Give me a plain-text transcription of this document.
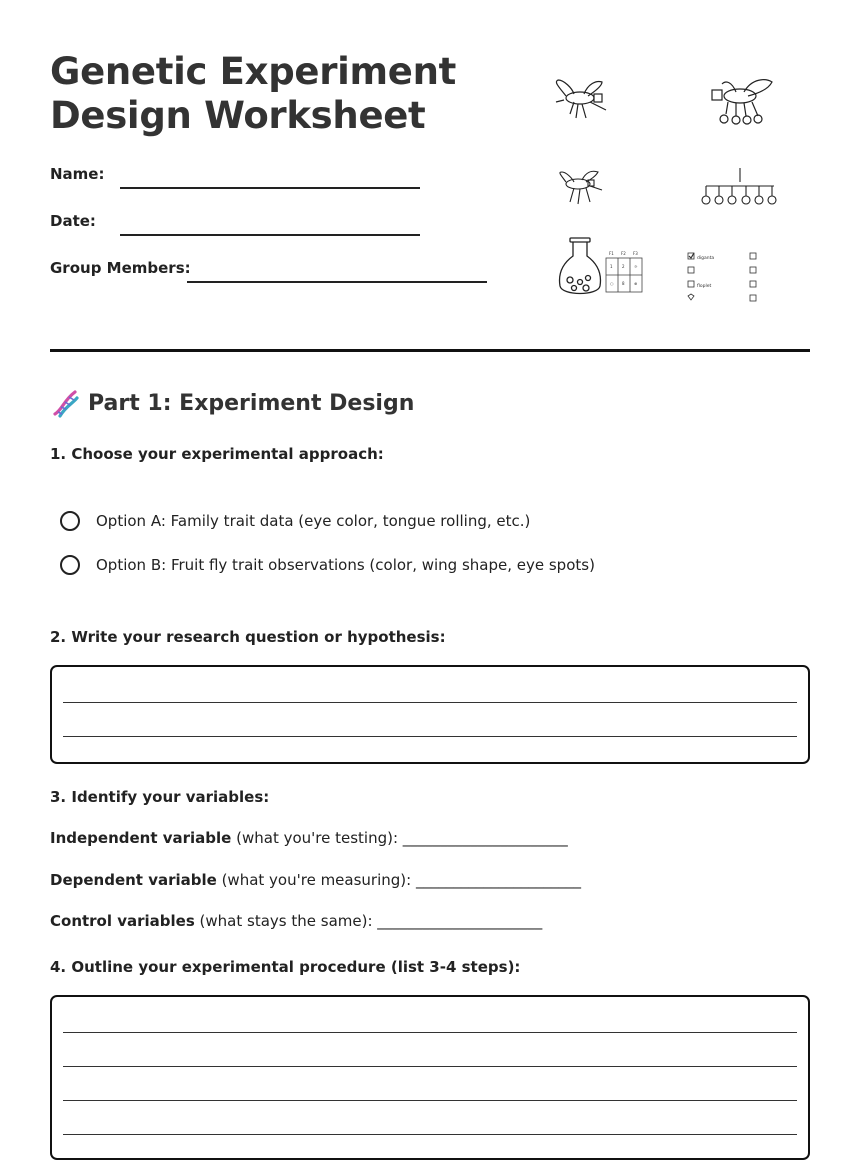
Genetic Experiment
Design Worksheet
Name:
Date:
Group Members:
F1 F2 F3
1 2 ☼
○ 8 ⊕
diganta
floplet
Part 1: Experiment Design
1. Choose your experimental approach:
Option A: Family trait data (eye color, tongue rolling, etc.)
Option B: Fruit fly trait observations (color, wing shape, eye spots)
2. Write your research question or hypothesis:
3. Identify your variables:
Independent variable (what you're testing): ______________________
Dependent variable (what you're measuring): ______________________
Control variables (what stays the same): ______________________
4. Outline your experimental procedure (list 3-4 steps):
